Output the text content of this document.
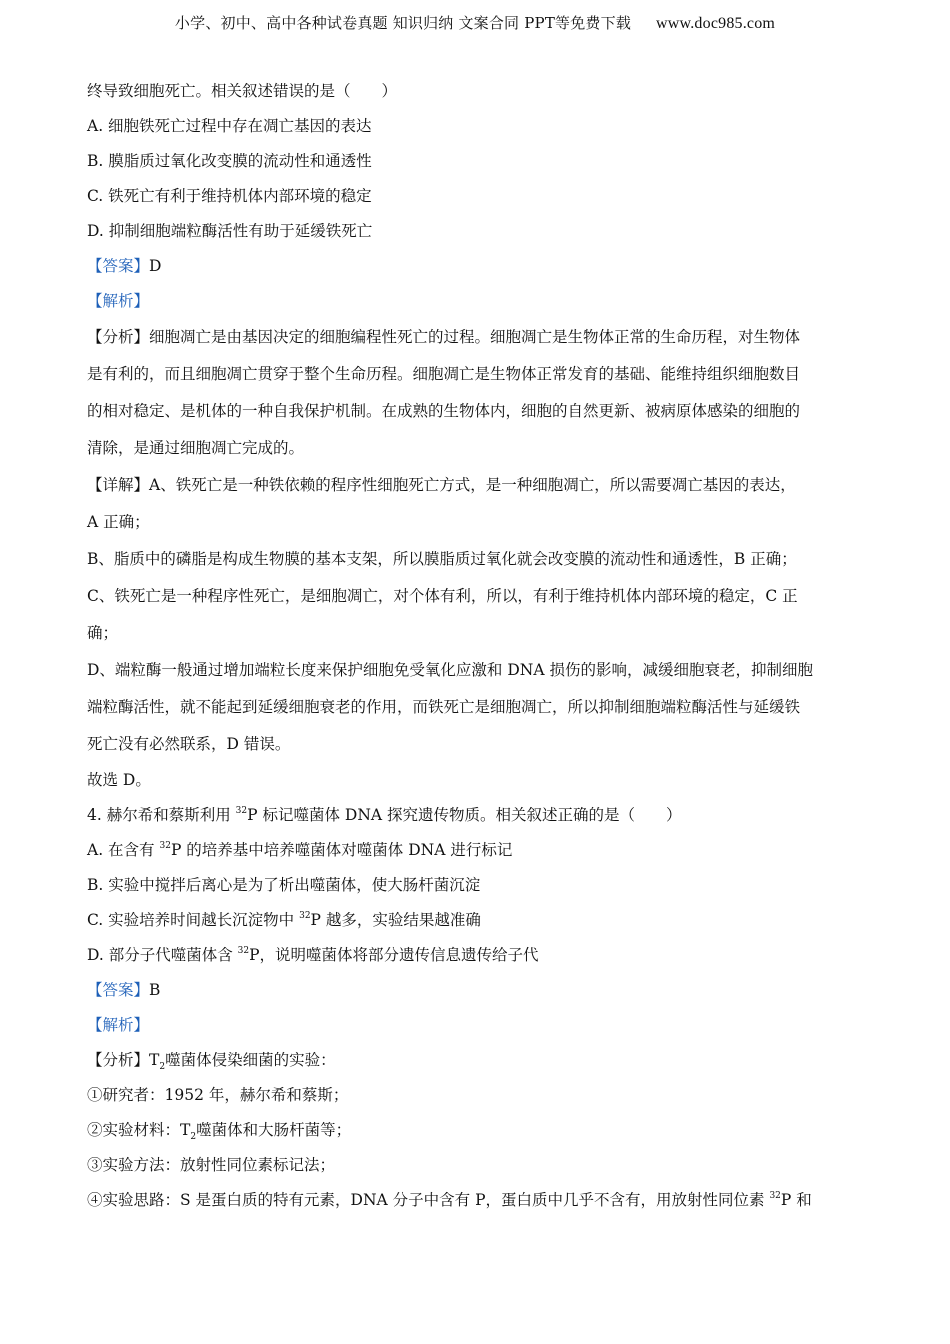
小学、初中、高中各种试卷真题 知识归纳 文案合同 PPT等免费下载 www.doc985.com
终导致细胞死亡。相关叙述错误的是（　　）
A. 细胞铁死亡过程中存在凋亡基因的表达
B. 膜脂质过氧化改变膜的流动性和通透性
C. 铁死亡有利于维持机体内部环境的稳定
D. 抑制细胞端粒酶活性有助于延缓铁死亡
【答案】D
【解析】
【分析】细胞凋亡是由基因决定的细胞编程性死亡的过程。细胞凋亡是生物体正常的生命历程，对生物体
是有利的，而且细胞凋亡贯穿于整个生命历程。细胞凋亡是生物体正常发育的基础、能维持组织细胞数目
的相对稳定、是机体的一种自我保护机制。在成熟的生物体内，细胞的自然更新、被病原体感染的细胞的
清除，是通过细胞凋亡完成的。
【详解】A、铁死亡是一种铁依赖的程序性细胞死亡方式，是一种细胞凋亡，所以需要凋亡基因的表达，
A 正确；
B、脂质中的磷脂是构成生物膜的基本支架，所以膜脂质过氧化就会改变膜的流动性和通透性，B 正确；
C、铁死亡是一种程序性死亡，是细胞凋亡，对个体有利，所以，有利于维持机体内部环境的稳定，C 正
确；
D、端粒酶一般通过增加端粒长度来保护细胞免受氧化应激和 DNA 损伤的影响，减缓细胞衰老，抑制细胞
端粒酶活性，就不能起到延缓细胞衰老的作用，而铁死亡是细胞凋亡，所以抑制细胞端粒酶活性与延缓铁
死亡没有必然联系，D 错误。
故选 D。
4. 赫尔希和蔡斯利用 $^{32}$P 标记噬菌体 DNA 探究遗传物质。相关叙述正确的是（　　）
A. 在含有 $^{32}$P 的培养基中培养噬菌体对噬菌体 DNA 进行标记
B. 实验中搅拌后离心是为了析出噬菌体，使大肠杆菌沉淀
C. 实验培养时间越长沉淀物中 $^{32}$P 越多，实验结果越准确
D. 部分子代噬菌体含 $^{32}$P，说明噬菌体将部分遗传信息遗传给子代
【答案】B
【解析】
【分析】$T_2$噬菌体侵染细菌的实验：
①研究者：1952 年，赫尔希和蔡斯；
②实验材料：$T_2$噬菌体和大肠杆菌等；
③实验方法：放射性同位素标记法；
④实验思路：S 是蛋白质的特有元素，DNA 分子中含有 P，蛋白质中几乎不含有，用放射性同位素 $^{32}$P 和
